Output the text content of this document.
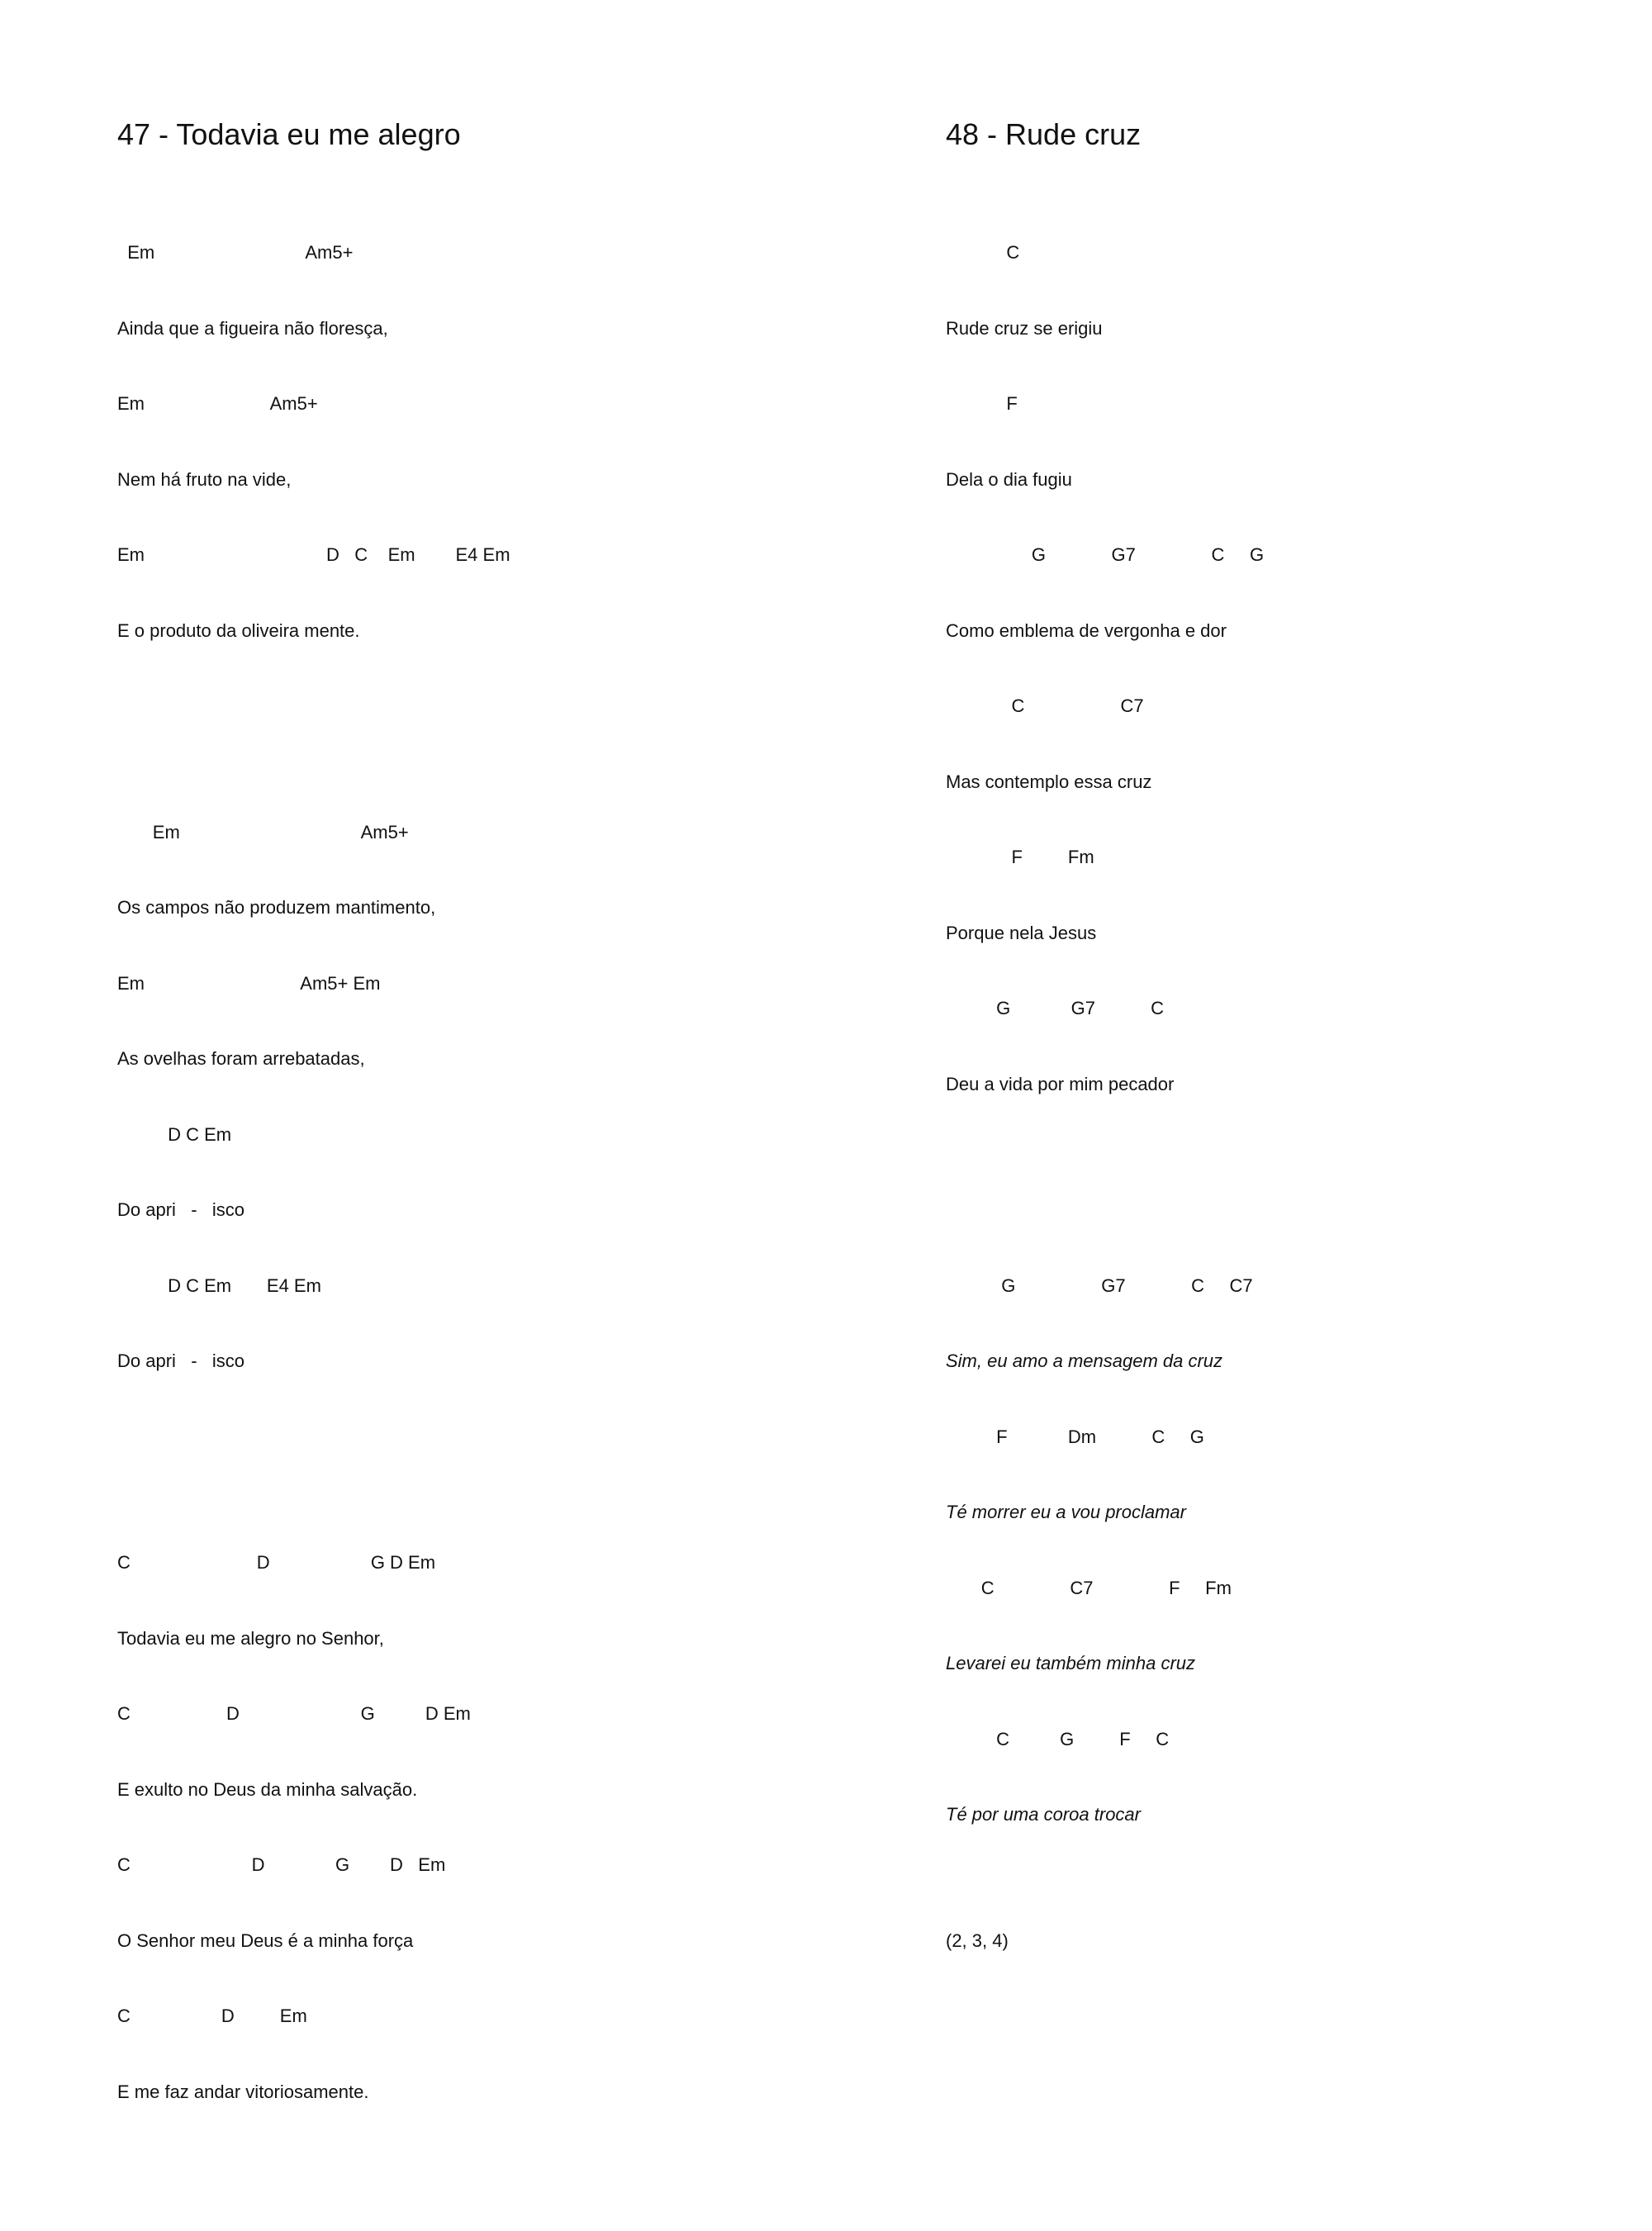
47 - Todavia eu me alegro

Em                              Am5+

Ainda que a figueira não floresça,

Em                         Am5+

Nem há fruto na vide,

Em                                    D   C    Em        E4 Em

E o produto da oliveira mente.

Em                                    Am5+

Os campos não produzem mantimento,

Em                               Am5+ Em

As ovelhas foram arrebatadas,

D C Em

Do apri   -   isco

D C Em       E4 Em

Do apri   -   isco

C                         D                    G D Em

Todavia eu me alegro no Senhor,

C                   D                        G          D Em

E exulto no Deus da minha salvação.

C                        D              G        D   Em

O Senhor meu Deus é a minha força

C                  D         Em

E me faz andar vitoriosamente.

48 - Rude cruz

C

Rude cruz se erigiu

F

Dela o dia fugiu

G             G7               C     G

Como emblema de vergonha e dor

C                   C7

Mas contemplo essa cruz

F         Fm

Porque nela Jesus

G            G7           C

Deu a vida por mim pecador

G                 G7             C     C7

Sim, eu amo a mensagem da cruz

F            Dm           C     G

Té morrer eu a vou proclamar

C               C7               F     Fm

Levarei eu também minha cruz

C          G         F     C

Té por uma coroa trocar

(2, 3, 4)
